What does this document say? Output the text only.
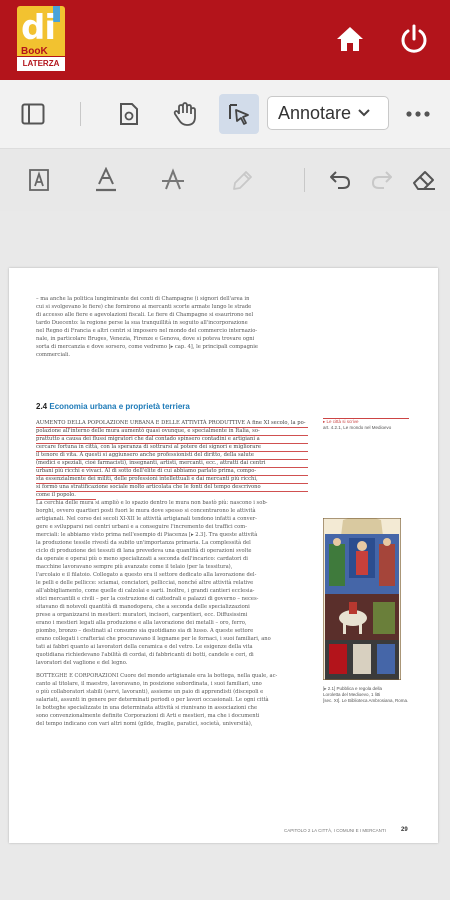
di
BooK
LATERZA
Annotare
– ma anche la politica lungimirante dei conti di Champagne (i signori dell'area in
cui si svolgevano le fiere) che fornirono ai mercanti scorte armate lungo le strade
di accesso alle fiere e agevolazioni fiscali. Le fiere di Champagne si esaurirono nel
tardo Duecento: la regione perse la sua tranquillità in seguito all'incorporazione
nel Regno di Francia e altri centri si imposero nel mondo del commercio internazio-
nale, in particolare Bruges, Venezia, Firenze e Genova, dove si poteva trovare ogni
sorta di mercanzia e dove sorsero, come vedremo [▸ cap. 4], le principali compagnie
commerciali.
2.4 Economia urbana e proprietà terriera
AUMENTO DELLA POPOLAZIONE URBANA E DELLE ATTIVITÀ PRODUTTIVE A fine XI secolo, la po-
polazione all'interno delle mura aumentò quasi ovunque, e specialmente in Italia, so-
prattutto a causa dei flussi migratori che dal contado spinsero contadini e artigiani a
cercare fortuna in città, con la speranza di sottrarsi al potere dei signori e migliorare
il tenore di vita. A questi si aggiunsero anche professionisti del diritto, della salute
(medici e speziali, cioè farmacisti), insegnanti, artisti, mercanti, ecc., attratti dai centri
urbani più ricchi e vivaci. Al di sotto dell'élite di cui abbiamo parlato prima, compo-
sta essenzialmente dei militi, delle professioni intellettuali e dai mercanti più ricchi,
si formò una stratificazione sociale molto articolata che le fonti del tempo descrivono
come il popolo.
La cerchia delle mura si ampliò e lo spazio dentro le mura non bastò più: nascono i sob-
borghi, ovvero quartieri posti fuori le mura dove spesso si concentrarono le attività
artigianali. Nel corso dei secoli XI-XII le attività artigianali tendono infatti a conver-
gere e svilupparsi nei centri urbani e a conseguire l'incremento dei traffici com-
merciali: le abbiamo visto prima nell'esempio di Piacenza [▸ 2.3]. Tra queste attività
la produzione tessile rivestì da subito un'importanza primaria. La complessità del
ciclo di produzione dei tessuti di lana prevedeva una quantità di operazioni svolte
da operaie e operai più o meno specializzati a seconda dell'incarico: cardatori di
macchine lavoravano sempre più avanzate come il telaio (per la tessitura),
l'arcolaio e il filatoio. Collegato a questo era il settore dedicato alla lavorazione del-
le pelli e delle pellicce: sciamai, conciatori, pellicciai, nonché altre attività relative
all'abbigliamento, come quelle di calzolai e sarti. Inoltre, i grandi cantieri ecclesia-
stici mercantili e civili – per la costruzione di cattedrali e palazzi di governo – neces-
sitavano di notevoli quantità di manodopera, che a seconda delle specializzazioni
prese a organizzarsi in mestieri: muratori, incisori, carpentieri, ecc. Diffusissimi
erano i mestieri legati alla produzione e alla lavorazione dei metalli – oro, ferro,
piombo, bronzo – destinati al consumo sia quotidiano sia di lusso. A queste settore
erano collegati i crafteriai che procuravano il legname per le fornaci, i suoi familiari, ano
tati ai fabbri quanto ai lavoratori della ceramica e del vetro. Le esigenze della vita
quotidiana richiedevano l'abilità di cordai, di fabbricanti di botti, candele e ceri, di
lavoratori del vaglione e del legno.
BOTTEGHE E CORPORAZIONI Cuore del mondo artigianale era la bottega, nella quale, ac-
canto al titolare, il maestro, lavoravano, in posizione subordinata, i suoi familiari, uno
o più collaboratori stabili (servi, lavoranti), assieme un paio di apprendisti (discepoli e
salariati, assunti in genere per determinati periodi o per lavori occasionali. Le ogni città
le botteghe specializzate in una determinata attività si riunivano in associazioni che
sono convenzionalmente definite Corporazioni di Arti e mestieri, ma che i documenti
del tempo indicano con vari altri nomi (gilde, fraglie, paratici, società, università),
▸ Le città si scrive
art. 4.2.1, Le mondo nel Medioevo
[▸ 2.1] Pubblica e regola della
Loroletta del Medioevo, 1 litti
[sec. XI]. Le Biblioteca Ambrosiana, Roma.
CAPITOLO 2 LA CITTÀ, I COMUNI E I MERCANTI	29
